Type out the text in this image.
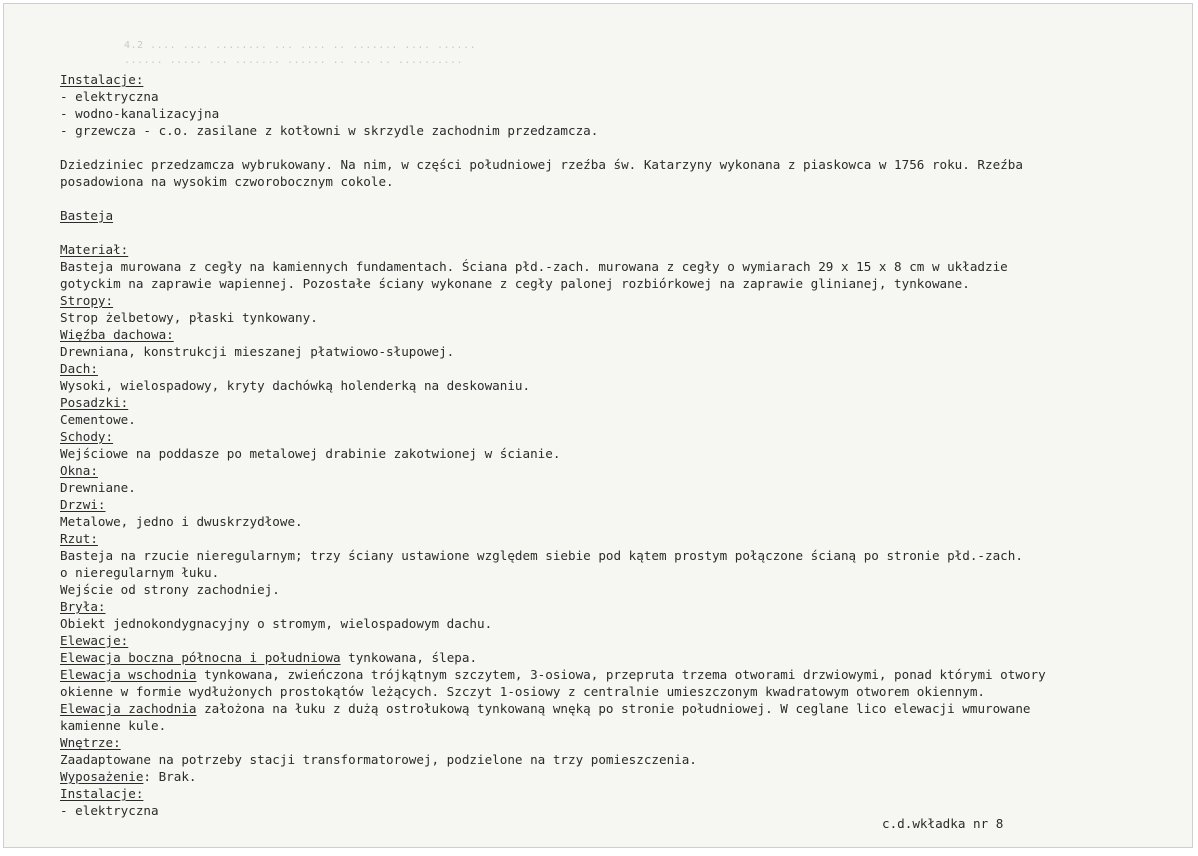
4.2 .... .... ........ ... .... .. ....... .... ......
...... ..... ... ....... ...... .. ... .. ..........
Instalacje:
- elektryczna
- wodno-kanalizacyjna
- grzewcza - c.o. zasilane z kotłowni w skrzydle zachodnim przedzamcza.
Dziedziniec przedzamcza wybrukowany. Na nim, w części południowej rzeźba św. Katarzyny wykonana z piaskowca w 1756 roku. Rzeźba
posadowiona na wysokim czworobocznym cokole.
Basteja
Materiał:
Basteja murowana z cegły na kamiennych fundamentach. Ściana płd.-zach. murowana z cegły o wymiarach 29 x 15 x 8 cm w układzie
gotyckim na zaprawie wapiennej. Pozostałe ściany wykonane z cegły palonej rozbiórkowej na zaprawie glinianej, tynkowane.
Stropy:
Strop żelbetowy, płaski tynkowany.
Więźba dachowa:
Drewniana, konstrukcji mieszanej płatwiowo-słupowej.
Dach:
Wysoki, wielospadowy, kryty dachówką holenderką na deskowaniu.
Posadzki:
Cementowe.
Schody:
Wejściowe na poddasze po metalowej drabinie zakotwionej w ścianie.
Okna:
Drewniane.
Drzwi:
Metalowe, jedno i dwuskrzydłowe.
Rzut:
Basteja na rzucie nieregularnym; trzy ściany ustawione względem siebie pod kątem prostym połączone ścianą po stronie płd.-zach.
o nieregularnym łuku.
Wejście od strony zachodniej.
Bryła:
Obiekt jednokondygnacyjny o stromym, wielospadowym dachu.
Elewacje:
Elewacja boczna północna i południowa tynkowana, ślepa.
Elewacja wschodnia tynkowana, zwieńczona trójkątnym szczytem, 3-osiowa, przepruta trzema otworami drzwiowymi, ponad którymi otwory
okienne w formie wydłużonych prostokątów leżących. Szczyt 1-osiowy z centralnie umieszczonym kwadratowym otworem okiennym.
Elewacja zachodnia założona na łuku z dużą ostrołukową tynkowaną wnęką po stronie południowej. W ceglane lico elewacji wmurowane
kamienne kule.
Wnętrze:
Zaadaptowane na potrzeby stacji transformatorowej, podzielone na trzy pomieszczenia.
Wyposażenie: Brak.
Instalacje:
- elektryczna
c.d.wkładka nr 8
